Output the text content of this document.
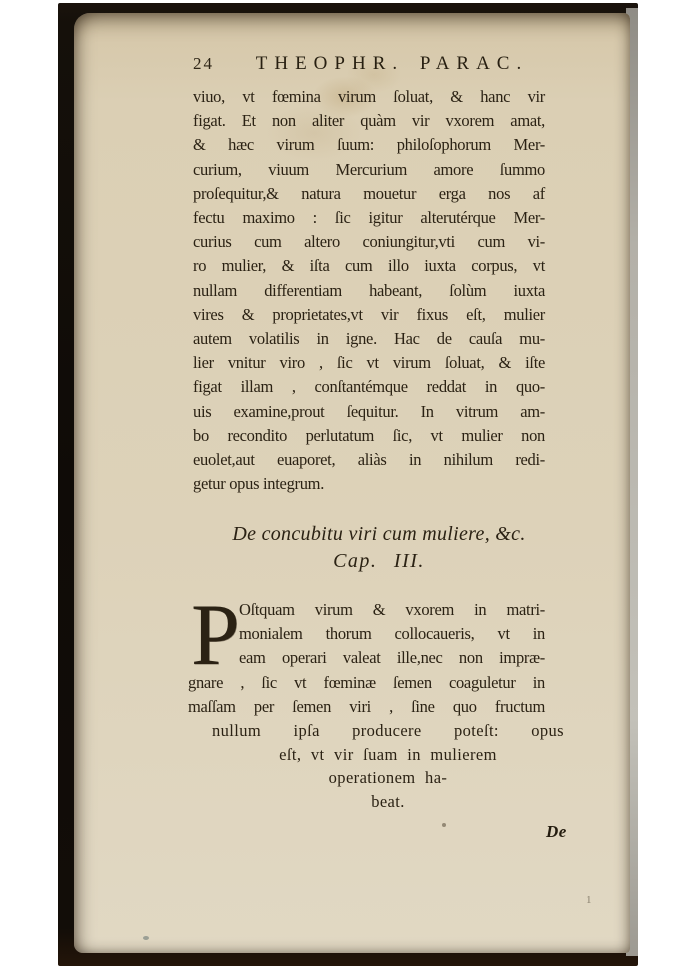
24	THEOPHR. PARAC.
viuo, vt fœmina virum ſoluat, & hanc vir
figat. Et non aliter quàm vir vxorem amat,
& hæc virum ſuum: philoſophorum Mer-
curium, viuum Mercurium amore ſummo
proſequitur,& natura mouetur erga nos af
fectu maximo : ſic igitur alterutérque Mer-
curius cum altero coniungitur,vti cum vi-
ro mulier, & iſta cum illo iuxta corpus, vt
nullam differentiam habeant, ſolùm iuxta
vires & proprietates,vt vir fixus eſt, mulier
autem volatilis in igne. Hac de cauſa mu-
lier vnitur viro , ſic vt virum ſoluat, & iſte
figat illam , conſtantémque reddat in quo-
uis examine,prout ſequitur. In vitrum am-
bo recondito perlutatum ſic, vt mulier non
euolet,aut euaporet, aliàs in nihilum redi-
getur opus integrum.
De concubitu viri cum muliere, &c.
Cap. III.
P Oſtquam virum & vxorem in matri-
monialem thorum collocaueris, vt in
eam operari valeat ille,nec non impræ-
gnare , ſic vt fœminæ ſemen coaguletur in
maſſam per ſemen viri , ſine quo fructum
nullum ipſa producere poteſt: opus
eſt, vt vir ſuam in mulierem
operationem ha-
beat.
De
1
